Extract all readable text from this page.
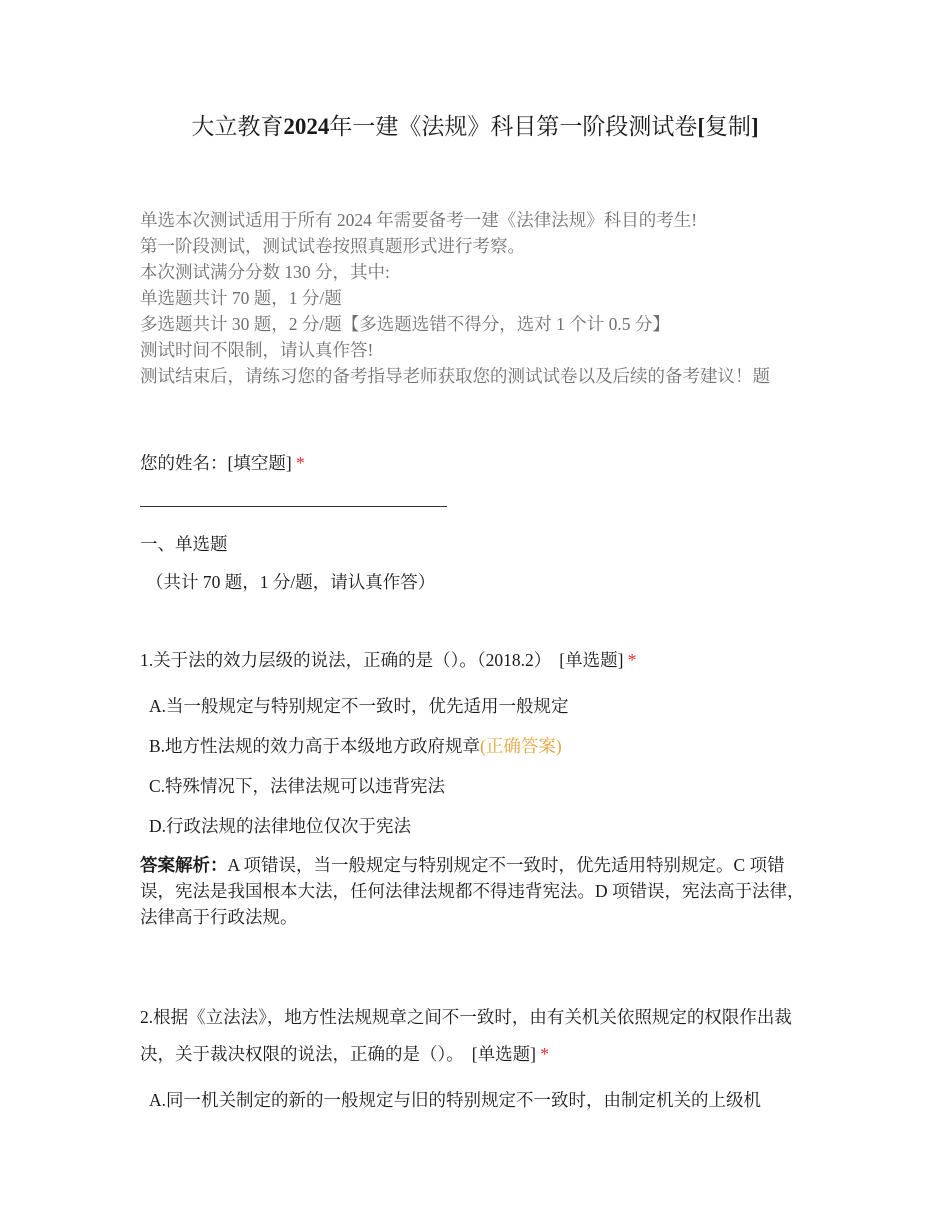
大立教育2024年一建《法规》科目第一阶段测试卷[复制]
单选本次测试适用于所有 2024 年需要备考一建《法律法规》科目的考生!
第一阶段测试，测试试卷按照真题形式进行考察。
本次测试满分分数 130 分，其中:
单选题共计 70 题，1 分/题
多选题共计 30 题，2 分/题【多选题选错不得分，选对 1 个计 0.5 分】
测试时间不限制，请认真作答!
测试结束后，请练习您的备考指导老师获取您的测试试卷以及后续的备考建议！题
您的姓名：[填空题] *
一、单选题
（共计 70 题，1 分/题，请认真作答）
1.关于法的效力层级的说法，正确的是（）。（2018.2） [单选题] *
A.当一般规定与特别规定不一致时，优先适用一般规定
B.地方性法规的效力高于本级地方政府规章(正确答案)
C.特殊情况下，法律法规可以违背宪法
D.行政法规的法律地位仅次于宪法
答案解析：A 项错误，当一般规定与特别规定不一致时，优先适用特别规定。C 项错误，宪法是我国根本大法，任何法律法规都不得违背宪法。D 项错误，宪法高于法律，法律高于行政法规。
2.根据《立法法》，地方性法规规章之间不一致时，由有关机关依照规定的权限作出裁决，关于裁决权限的说法，正确的是（）。 [单选题] *
A.同一机关制定的新的一般规定与旧的特别规定不一致时，由制定机关的上级机
